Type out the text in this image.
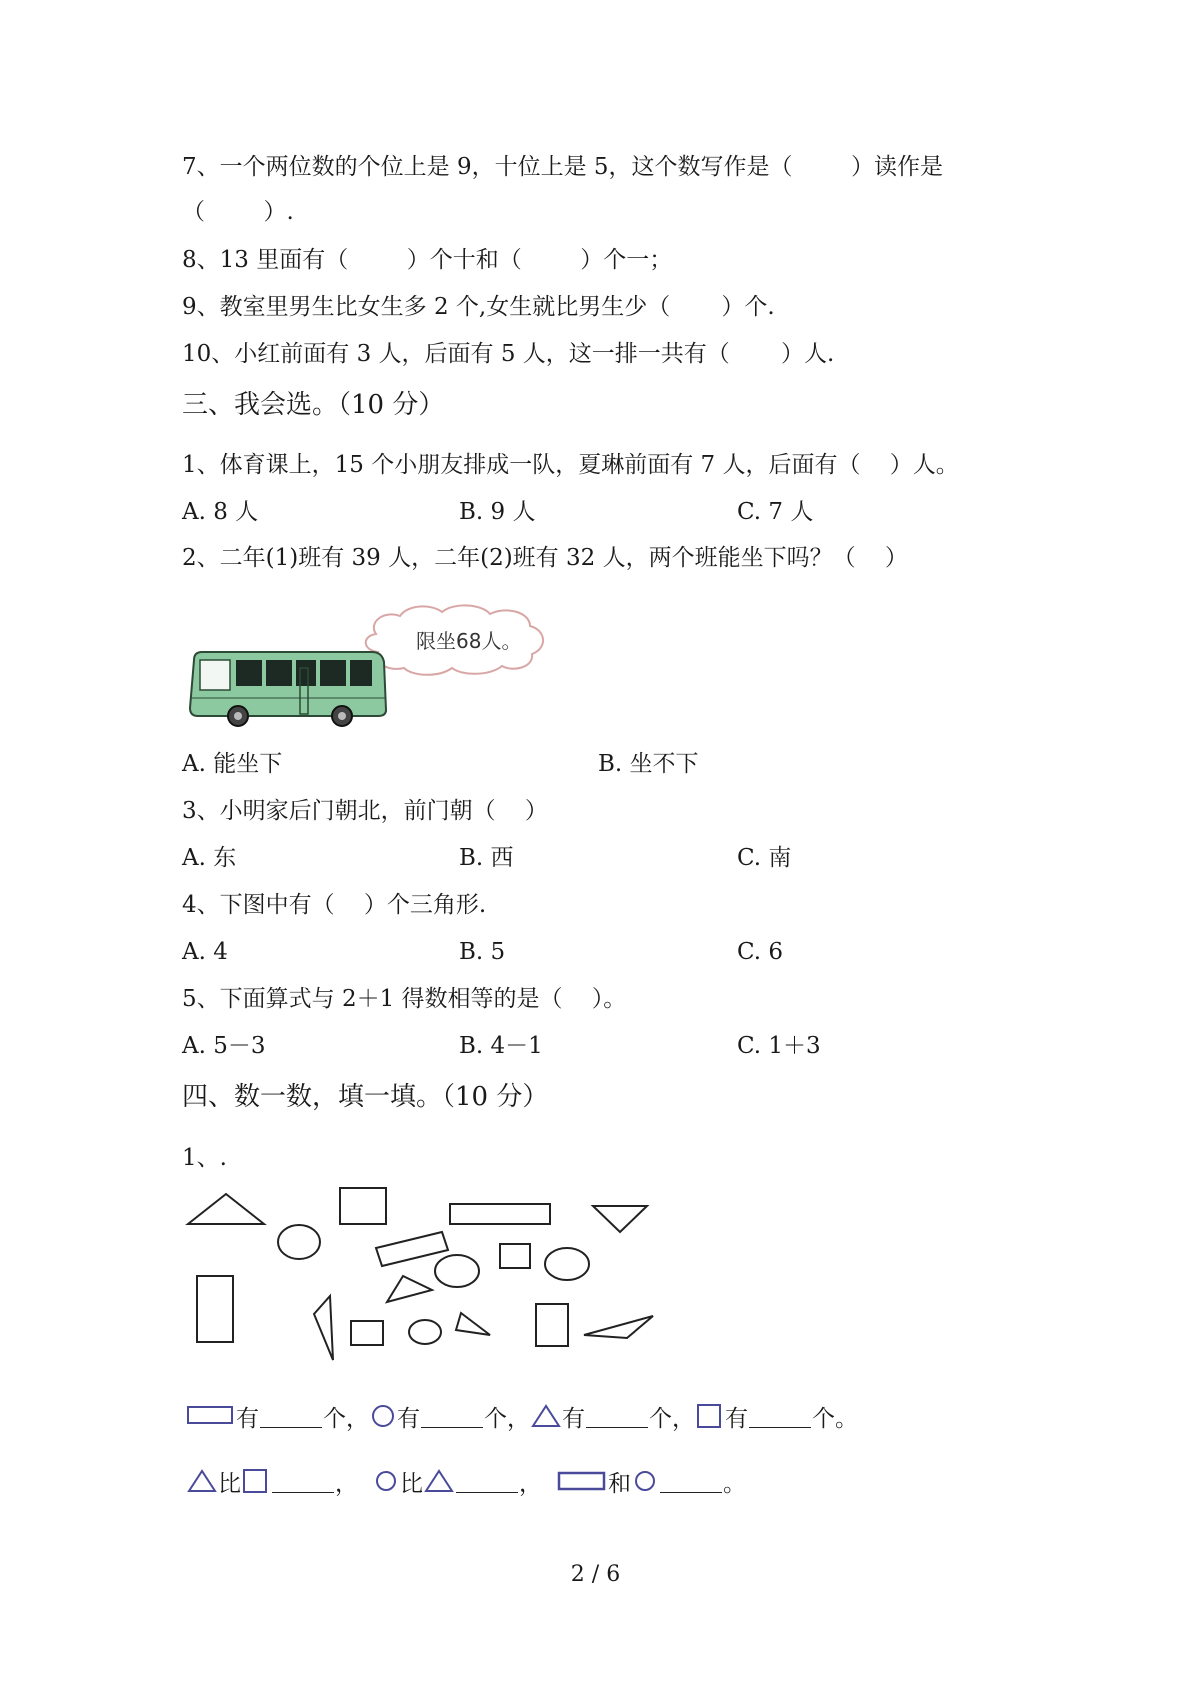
7、一个两位数的个位上是 9，十位上是 5，这个数写作是（        ）读作是
（        ）.
8、13 里面有（        ）个十和（        ）个一；
9、教室里男生比女生多 2 个,女生就比男生少（       ）个.
10、小红前面有 3 人，后面有 5 人，这一排一共有（       ）人.
三、我会选。（10 分）
1、体育课上，15 个小朋友排成一队，夏琳前面有 7 人，后面有（    ）人。
A. 8 人	B. 9 人	C. 7 人
2、二年(1)班有 39 人，二年(2)班有 32 人，两个班能坐下吗？（    ）
限坐68人。
A. 能坐下	B. 坐不下
3、小明家后门朝北，前门朝（    ）
A. 东	B. 西	C. 南
4、下图中有（    ）个三角形.
A. 4	B. 5	C. 6
5、下面算式与 2＋1 得数相等的是（    ）。
A. 5－3	B. 4－1	C. 1＋3
四、数一数，填一填。（10 分）
1、.
有	个， 有	个， 有	个， 有	个。
比	，	比	，	和	。
2 / 6
